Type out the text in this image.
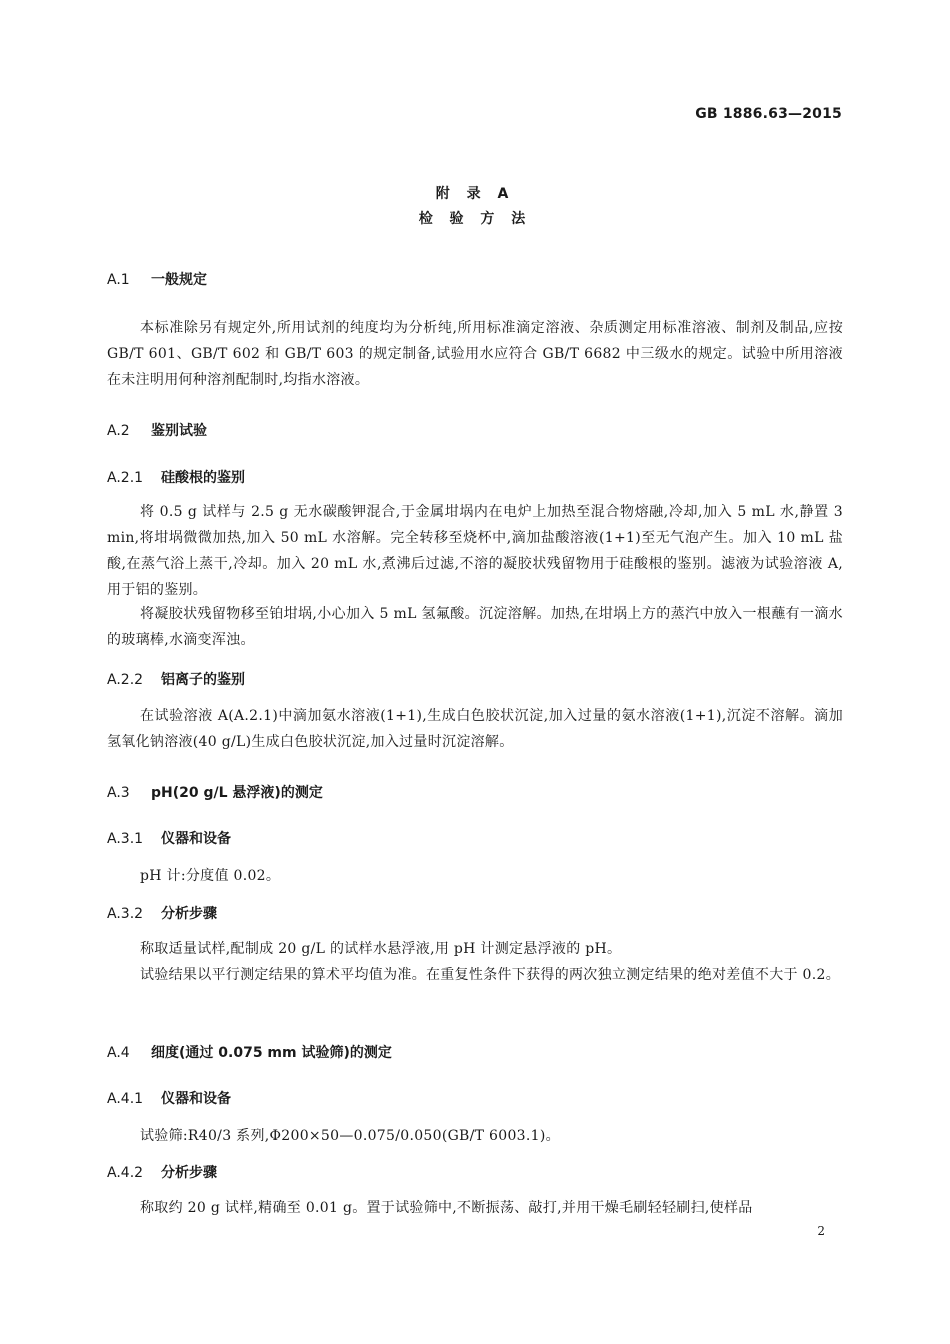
GB 1886.63—2015
附 录 A
检 验 方 法
A.1 一般规定
本标准除另有规定外,所用试剂的纯度均为分析纯,所用标准滴定溶液、杂质测定用标准溶液、制剂及制品,应按 GB/T 601、GB/T 602 和 GB/T 603 的规定制备,试验用水应符合 GB/T 6682 中三级水的规定。试验中所用溶液在未注明用何种溶剂配制时,均指水溶液。
A.2 鉴别试验
A.2.1 硅酸根的鉴别
将 0.5 g 试样与 2.5 g 无水碳酸钾混合,于金属坩埚内在电炉上加热至混合物熔融,冷却,加入 5 mL 水,静置 3 min,将坩埚微微加热,加入 50 mL 水溶解。完全转移至烧杯中,滴加盐酸溶液(1+1)至无气泡产生。加入 10 mL 盐酸,在蒸气浴上蒸干,冷却。加入 20 mL 水,煮沸后过滤,不溶的凝胶状残留物用于硅酸根的鉴别。滤液为试验溶液 A,用于铝的鉴别。
将凝胶状残留物移至铂坩埚,小心加入 5 mL 氢氟酸。沉淀溶解。加热,在坩埚上方的蒸汽中放入一根蘸有一滴水的玻璃棒,水滴变浑浊。
A.2.2 铝离子的鉴别
在试验溶液 A(A.2.1)中滴加氨水溶液(1+1),生成白色胶状沉淀,加入过量的氨水溶液(1+1),沉淀不溶解。滴加氢氧化钠溶液(40 g/L)生成白色胶状沉淀,加入过量时沉淀溶解。
A.3 pH(20 g/L 悬浮液)的测定
A.3.1 仪器和设备
pH 计:分度值 0.02。
A.3.2 分析步骤
称取适量试样,配制成 20 g/L 的试样水悬浮液,用 pH 计测定悬浮液的 pH。
试验结果以平行测定结果的算术平均值为准。在重复性条件下获得的两次独立测定结果的绝对差值不大于 0.2。
A.4 细度(通过 0.075 mm 试验筛)的测定
A.4.1 仪器和设备
试验筛:R40/3 系列,Φ200×50—0.075/0.050(GB/T 6003.1)。
A.4.2 分析步骤
称取约 20 g 试样,精确至 0.01 g。置于试验筛中,不断振荡、敲打,并用干燥毛刷轻轻刷扫,使样品
2
